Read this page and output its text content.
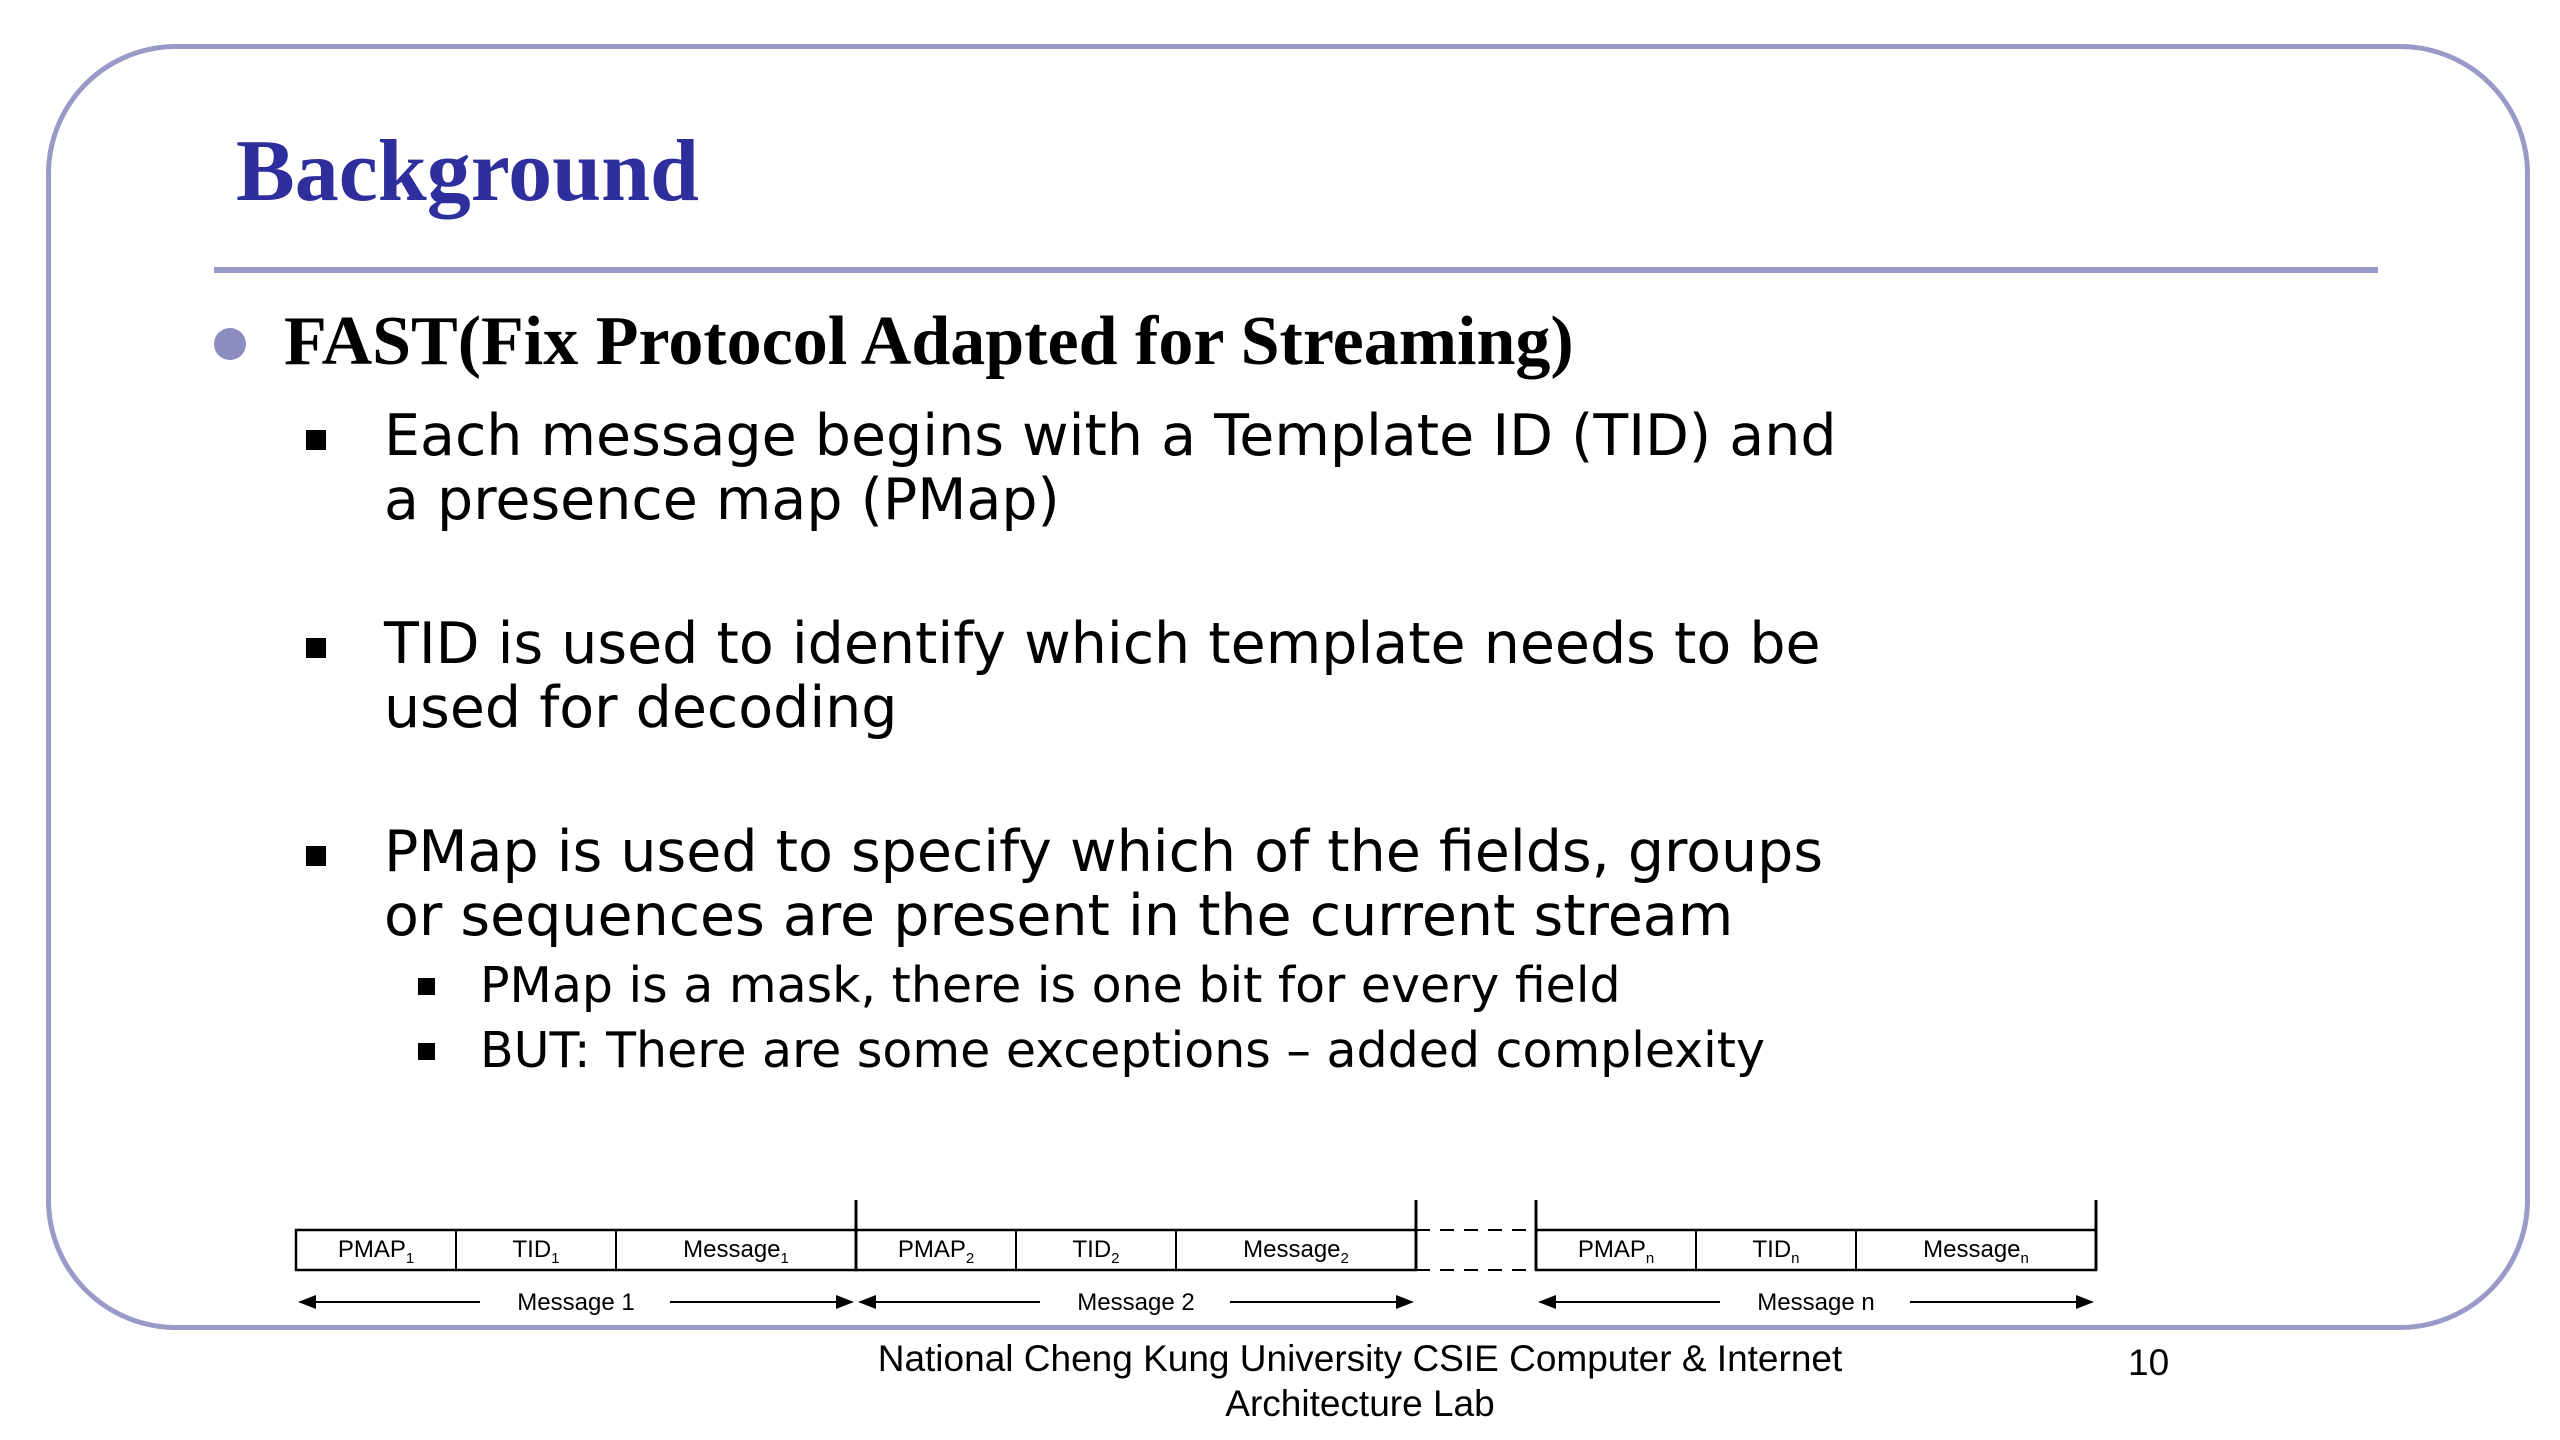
Background
FAST(Fix Protocol Adapted for Streaming)
Each message begins with a Template ID (TID) and
a presence map (PMap)
TID is used to identify which template needs to be
used for decoding
PMap is used to specify which of the fields, groups
or sequences are present in the current stream
PMap is a mask, there is one bit for every field
BUT: There are some exceptions – added complexity
$PMAP_1$	$TID_1$	Message$_1$	$PMAP_2$	$TID_2$	Message$_2$	$PMAP_n$	$TID_n$	Message$_n$
Message 1	Message 2	Message n
National Cheng Kung University CSIE Computer & Internet
Architecture Lab
10
